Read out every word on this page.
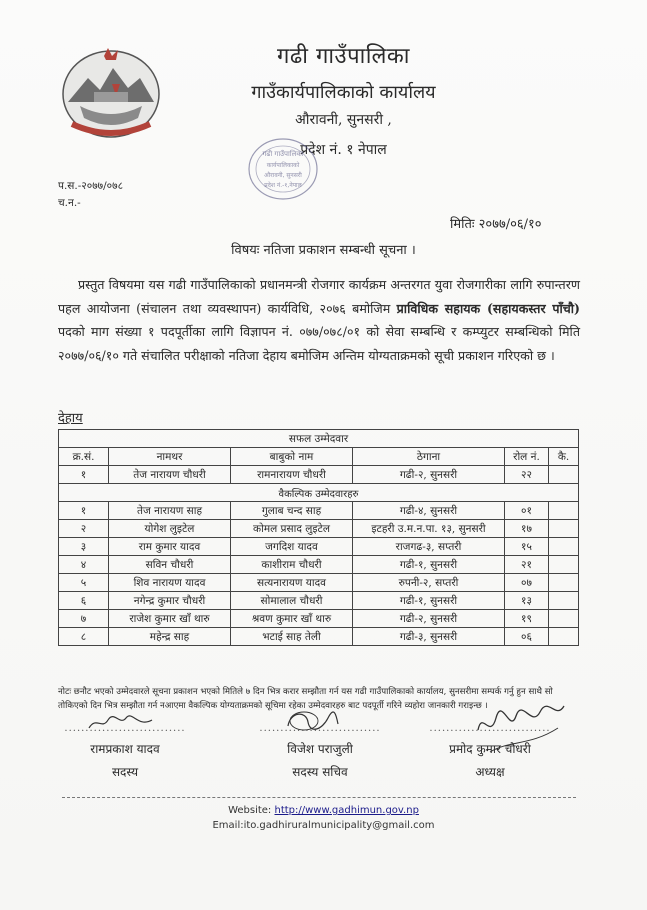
गढी गाउँपालिका
गाउँकार्यपालिकाको कार्यालय
औरावनी, सुनसरी ,
प्रदेश नं. १ नेपाल
गढी गाउँपालिका
कार्यपालिकाको
औरावनी, सुनसरी
प्रदेश नं.-१,नेपाल
प.स.-२०७७/०७८
च.न.-
मितिः २०७७/०६/१०
विषयः नतिजा प्रकाशन सम्बन्धी सूचना ।
प्रस्तुत विषयमा यस गढी गाउँपालिकाको प्रधानमन्त्री रोजगार कार्यक्रम अन्तरगत युवा रोजगारीका लागि रुपान्तरण पहल आयोजना (संचालन तथा व्यवस्थापन) कार्यविधि, २०७६ बमोजिम प्राविधिक सहायक (सहायकस्तर पाँचौ) पदको माग संख्या १ पदपूर्तीका लागि विज्ञापन नं. ०७७/०७८/०१ को सेवा सम्बन्धि र कम्प्युटर सम्बन्धिको मिति २०७७/०६/१० गते संचालित परीक्षाको नतिजा देहाय बमोजिम अन्तिम योग्यताक्रमको सूची प्रकाशन गरिएको छ ।
देहाय
सफल उम्मेदवार					
क्र.सं.	नामथर	बाबुको नाम	ठेगाना	रोल नं.	कै.
१	तेज नारायण चौधरी	रामनारायण चौधरी	गढी-२, सुनसरी	२२	
वैकल्पिक उम्मेदवारहरु					
१	तेज नारायण साह	गुलाब चन्द साह	गढी-४, सुनसरी	०१	
२	योगेश लुइटेल	कोमल प्रसाद लुइटेल	इटहरी उ.म.न.पा. १३, सुनसरी	१७	
३	राम कुमार यादव	जगदिश यादव	राजगढ-३, सप्तरी	१५	
४	सविन चौधरी	काशीराम चौधरी	गढी-१, सुनसरी	२१	
५	शिव नारायण यादव	सत्यनारायण यादव	रुपनी-२, सप्तरी	०७	
६	नगेन्द्र कुमार चौधरी	सोमालाल चौधरी	गढी-१, सुनसरी	१३	
७	राजेश कुमार खाँ थारु	श्रवण कुमार खाँ थारु	गढी-२, सुनसरी	१९	
८	महेन्द्र साह	भटाई साह तेली	गढी-३, सुनसरी	०६	
नोटः छनौट भएको उम्मेदवारले सूचना प्रकाशन भएको मितिले ७ दिन भित्र करार सम्झौता गर्न यस गढी गाउँपालिकाको कार्यालय, सुनसरीमा सम्पर्क गर्नु हुन साथै सो तोकिएको दिन भित्र सम्झौता गर्न नआएमा वैकल्पिक योग्यताक्रमको सूचिमा रहेका उम्मेदवारहरु बाट पदपूर्ती गरिने व्यहोरा जानकारी गराइन्छ ।
.............................
रामप्रकाश यादव
सदस्य
.............................
विजेश पराजुली
सदस्य सचिव
.............................
प्रमोद कुमार चौधरी
अध्यक्ष
Website: http://www.gadhimun.gov.np
Email:ito.gadhiruralmunicipality@gmail.com
